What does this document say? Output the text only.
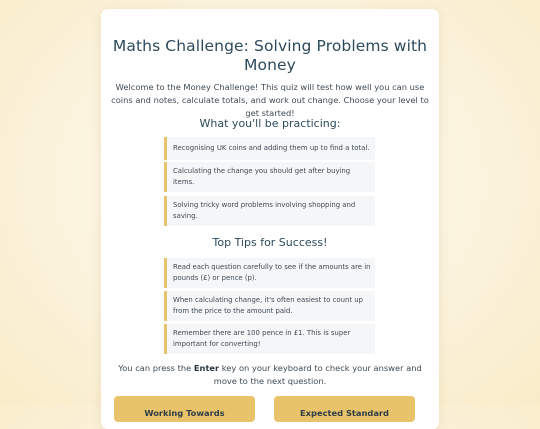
Maths Challenge: Solving Problems with Money
Welcome to the Money Challenge! This quiz will test how well you can use coins and notes, calculate totals, and work out change. Choose your level to get started!
What you'll be practicing:
Recognising UK coins and adding them up to find a total.
Calculating the change you should get after buying items.
Solving tricky word problems involving shopping and saving.
Top Tips for Success!
Read each question carefully to see if the amounts are in pounds (£) or pence (p).
When calculating change, it's often easiest to count up from the price to the amount paid.
Remember there are 100 pence in £1. This is super important for converting!
You can press the Enter key on your keyboard to check your answer and move to the next question.
Working Towards	Expected Standard
